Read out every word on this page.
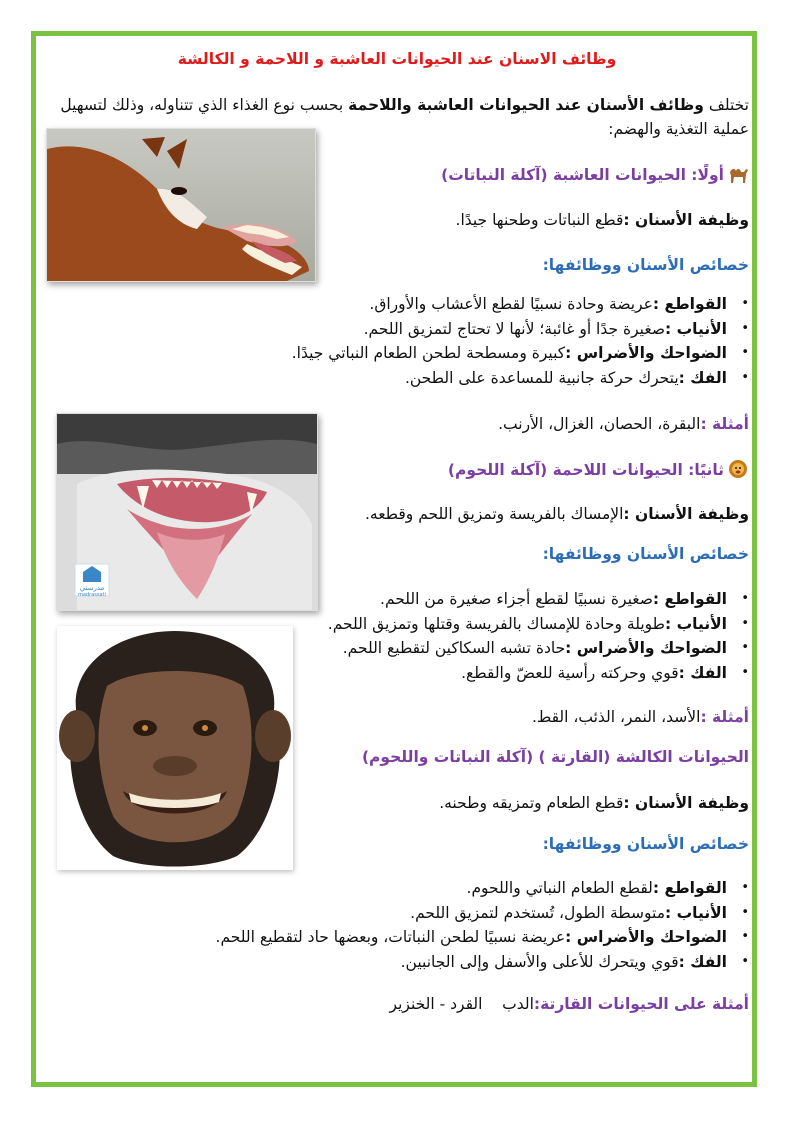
وظائف الاسنان عند الحيوانات العاشبة و اللاحمة و الكالشة
تختلف وظائف الأسنان عند الحيوانات العاشبة واللاحمة بحسب نوع الغذاء الذي تتناوله، وذلك لتسهيل عملية التغذية والهضم:
أولًا: الحيوانات العاشبة (آكلة النباتات)
وظيفة الأسنان :قطع النباتات وطحنها جيدًا.
خصائص الأسنان ووظائفها:
• القواطع :عريضة وحادة نسبيًا لقطع الأعشاب والأوراق.
• الأنياب :صغيرة جدًا أو غائبة؛ لأنها لا تحتاج لتمزيق اللحم.
• الضواحك والأضراس :كبيرة ومسطحة لطحن الطعام النباتي جيدًا.
• الفك :يتحرك حركة جانبية للمساعدة على الطحن.
مدرستي
madrassati
أمثلة :البقرة، الحصان، الغزال، الأرنب.
ثانيًا: الحيوانات اللاحمة (آكلة اللحوم)
وظيفة الأسنان :الإمساك بالفريسة وتمزيق اللحم وقطعه.
خصائص الأسنان ووظائفها:
• القواطع :صغيرة نسبيًا لقطع أجزاء صغيرة من اللحم.
• الأنياب :طويلة وحادة للإمساك بالفريسة وقتلها وتمزيق اللحم.
• الضواحك والأضراس :حادة تشبه السكاكين لتقطيع اللحم.
• الفك :قوي وحركته رأسية للعضّ والقطع.
أمثلة :الأسد، النمر، الذئب، القط.
الحيوانات الكالشة (القارتة ) (آكلة النباتات واللحوم)
وظيفة الأسنان :قطع الطعام وتمزيقه وطحنه.
خصائص الأسنان ووظائفها:
• القواطع :لقطع الطعام النباتي واللحوم.
• الأنياب :متوسطة الطول، تُستخدم لتمزيق اللحم.
• الضواحك والأضراس :عريضة نسبيًا لطحن النباتات، وبعضها حاد لتقطيع اللحم.
• الفك :قوي ويتحرك للأعلى والأسفل وإلى الجانبين.
أمثلة على الحيوانات القارتة:الدب    القرد - الخنزير
